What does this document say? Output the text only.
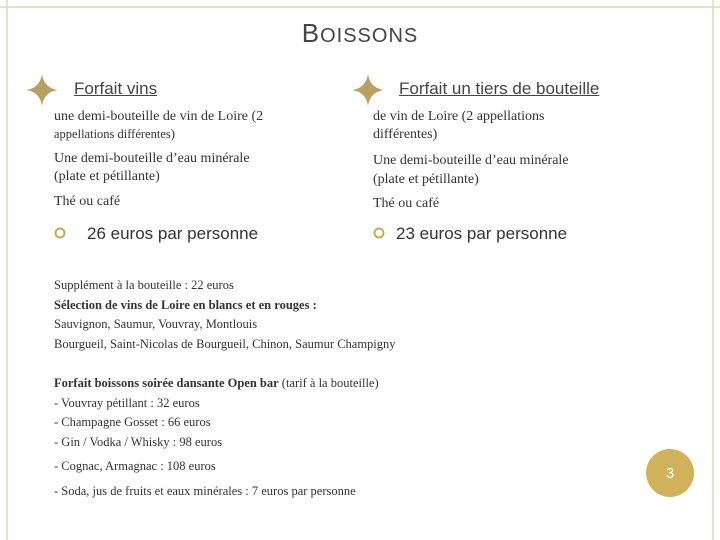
BOISSONS
Forfait vins
une demi-bouteille de vin de Loire (2
appellations différentes)
Une demi-bouteille d’eau minérale
(plate et pétillante)
Thé ou café
26 euros par personne
Forfait un tiers de bouteille
de vin de Loire (2 appellations
différentes)
Une demi-bouteille d’eau minérale
(plate et pétillante)
Thé ou café
23 euros par personne
Supplément à la bouteille : 22 euros
Sélection de vins de Loire en blancs et en rouges :
Sauvignon, Saumur, Vouvray, Montlouis
Bourgueil, Saint-Nicolas de Bourgueil, Chinon, Saumur Champigny
Forfait boissons soirée dansante Open bar (tarif à la bouteille)
- Vouvray pétillant : 32 euros
- Champagne Gosset : 66 euros
- Gin / Vodka / Whisky : 98 euros
- Cognac, Armagnac : 108 euros
- Soda, jus de fruits et eaux minérales : 7 euros par personne
3
